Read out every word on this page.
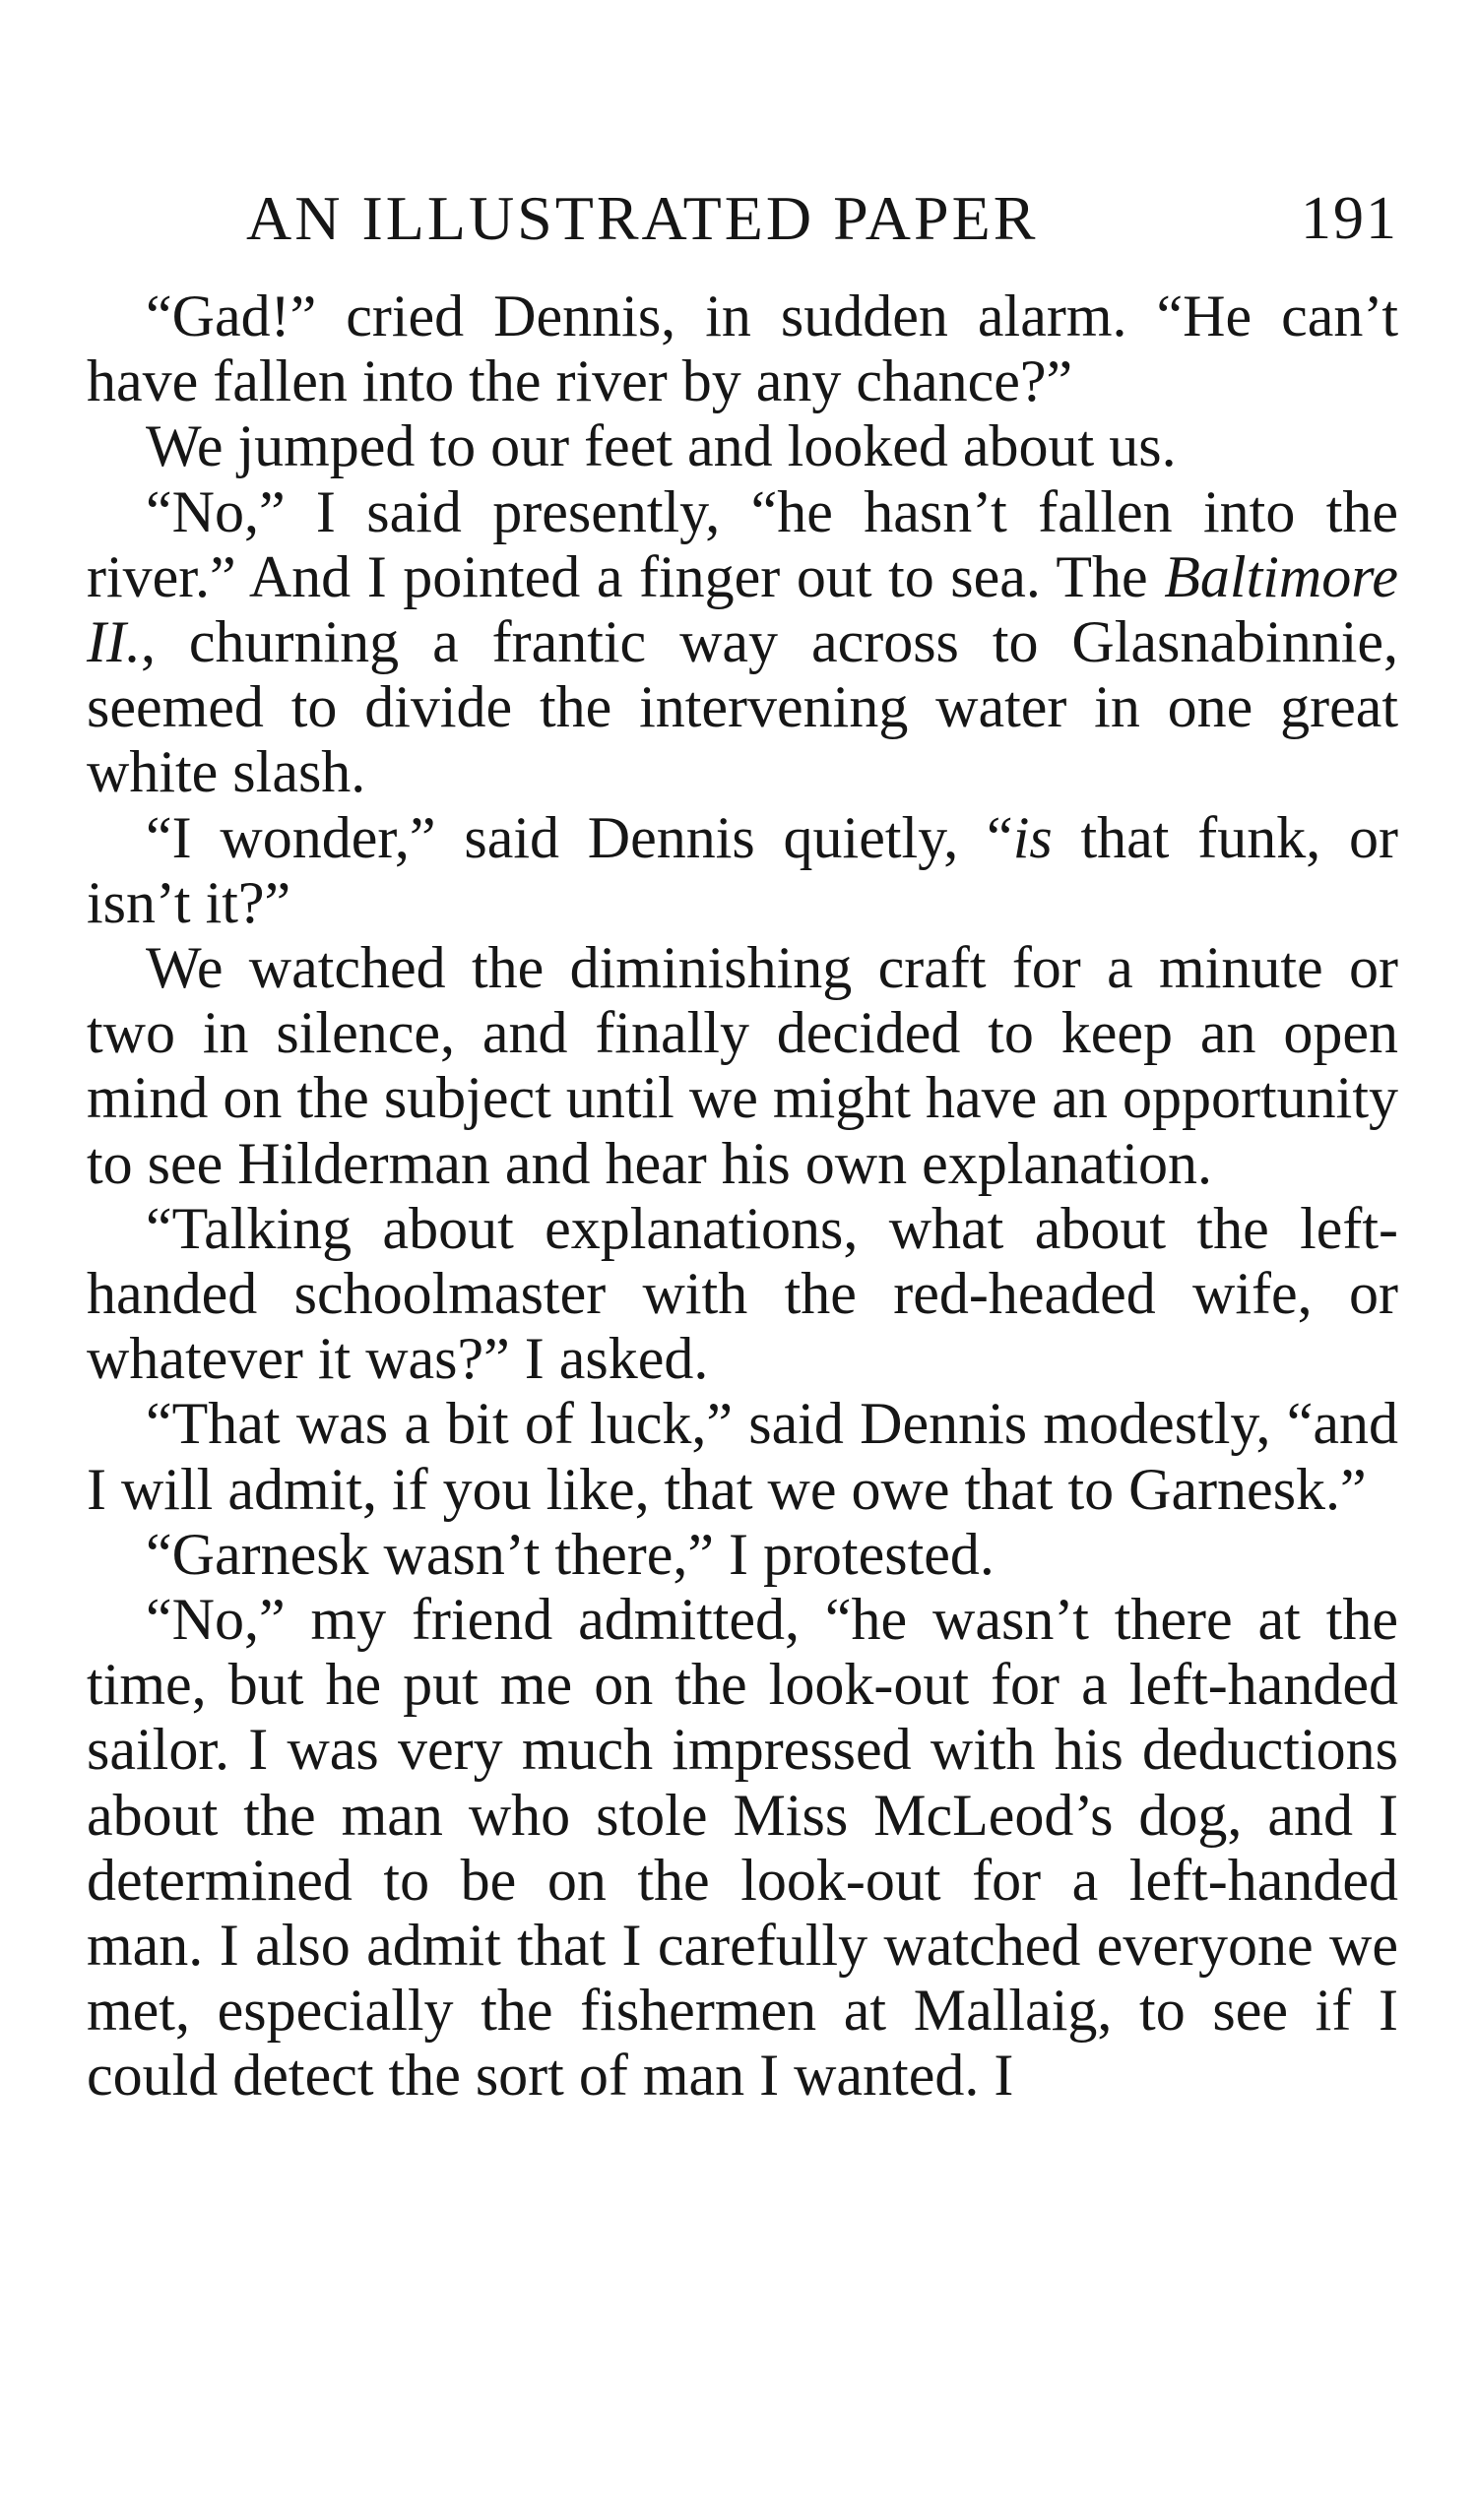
AN ILLUSTRATED PAPER	191

“Gad!” cried Dennis, in sudden alarm. “He can’t have fallen into the river by any chance?”

We jumped to our feet and looked about us.

“No,” I said presently, “he hasn’t fallen into the river.” And I pointed a finger out to sea. The Baltimore II., churning a frantic way across to Glasnabinnie, seemed to divide the intervening water in one great white slash.

“I wonder,” said Dennis quietly, “is that funk, or isn’t it?”

We watched the diminishing craft for a minute or two in silence, and finally decided to keep an open mind on the subject until we might have an opportunity to see Hilderman and hear his own explanation.

“Talking about explanations, what about the left-handed schoolmaster with the red-headed wife, or whatever it was?” I asked.

“That was a bit of luck,” said Dennis modestly, “and I will admit, if you like, that we owe that to Garnesk.”

“Garnesk wasn’t there,” I protested.

“No,” my friend admitted, “he wasn’t there at the time, but he put me on the look-out for a left-handed sailor. I was very much impressed with his deductions about the man who stole Miss McLeod’s dog, and I determined to be on the look-out for a left-handed man. I also admit that I carefully watched everyone we met, especially the fishermen at Mallaig, to see if I could detect the sort of man I wanted. I
